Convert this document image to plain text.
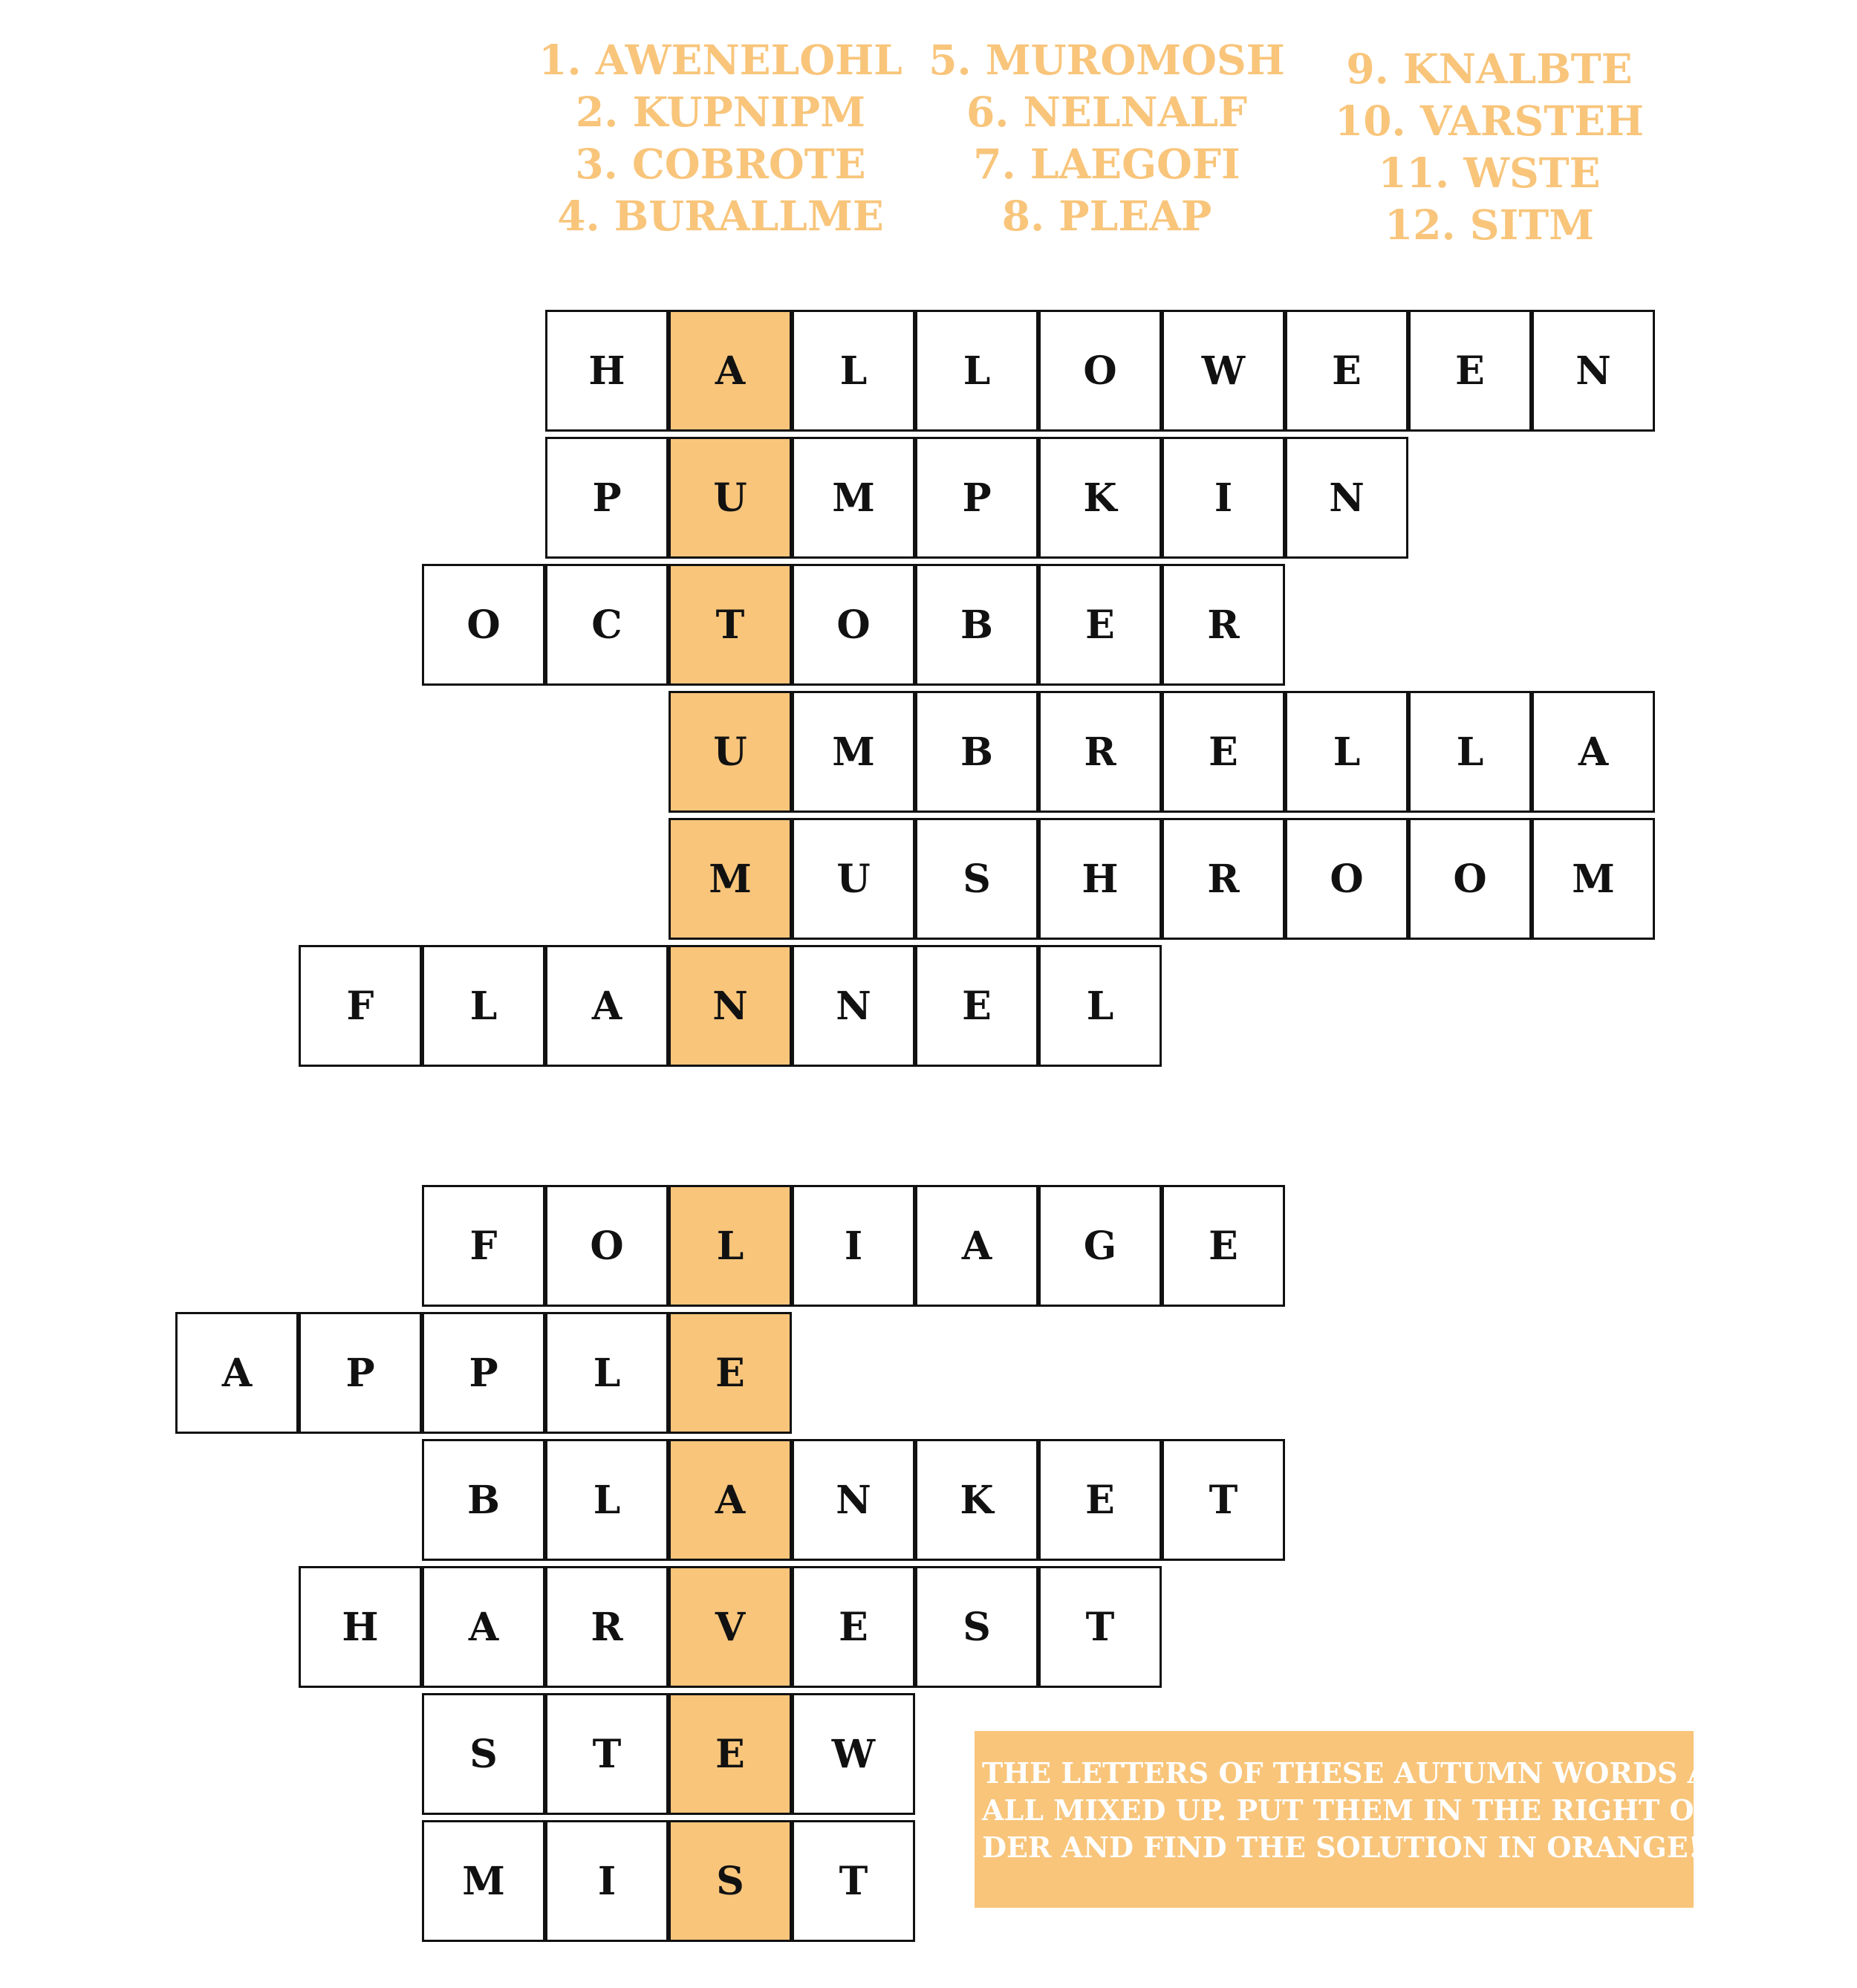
1. AWENELOHL
2. KUPNIPM
3. COBROTE
4. BURALLME
5. MUROMOSH
6. NELNALF
7. LAEGOFI
8. PLEAP
9. KNALBTE
10. VARSTEH
11. WSTE
12. SITM
H	A	L	L	O	W	E	E	N
P	U	M	P	K	I	N
O	C	T	O	B	E	R
U	M	B	R	E	L	L	A
M	U	S	H	R	O	O	M
F	L	A	N	N	E	L
F	O	L	I	A	G	E
A	P	P	L	E
B	L	A	N	K	E	T
H	A	R	V	E	S	T
S	T	E	W
M	I	S	T
THE LETTERS OF THESE AUTUMN WORDS ARE
ALL MIXED UP. PUT THEM IN THE RIGHT OR-
DER AND FIND THE SOLUTION IN ORANGE!
